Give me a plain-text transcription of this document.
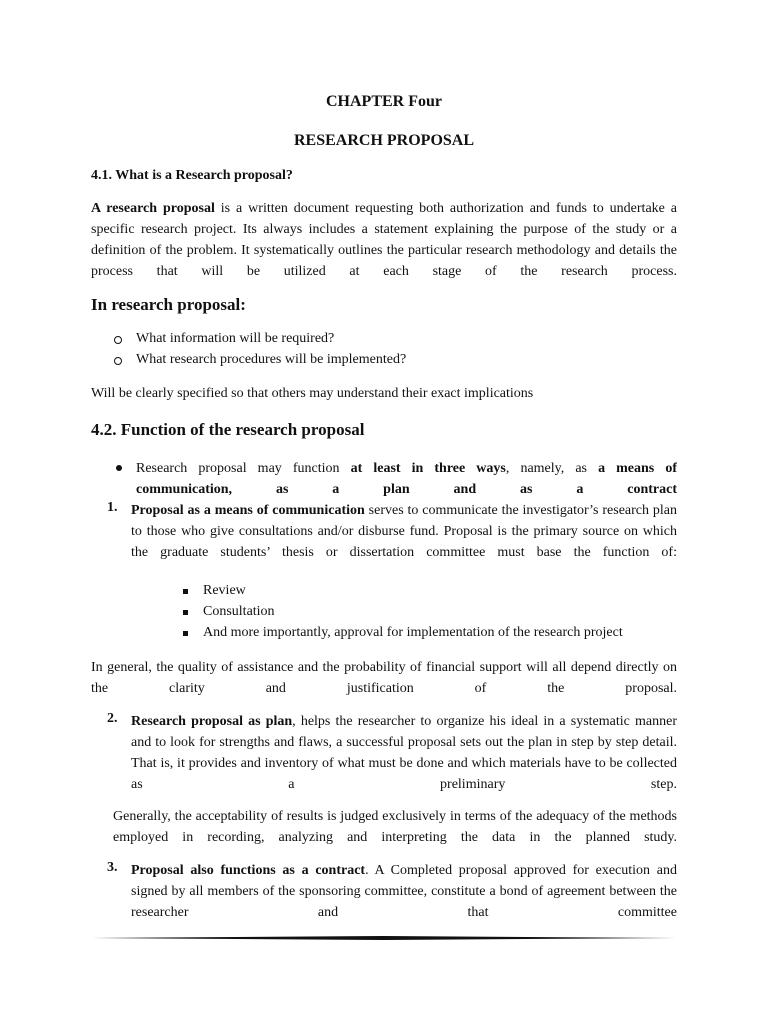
CHAPTER Four
RESEARCH PROPOSAL
4.1. What is a Research proposal?
A research proposal is a written document requesting both authorization and funds to undertake a specific research project. Its always includes a statement explaining the purpose of the study or a definition of the problem. It systematically outlines the particular research methodology and details the process that will be utilized at each stage of the research process.
In research proposal:
What information will be required?
What research procedures will be implemented?
Will be clearly specified so that others may understand their exact implications
4.2. Function of the research proposal
Research proposal may function at least in three ways, namely, as a means of communication, as a plan and as a contract
1. Proposal as a means of communication serves to communicate the investigator’s research plan to those who give consultations and/or disburse fund. Proposal is the primary source on which the graduate students’ thesis or dissertation committee must base the function of:
Review
Consultation
And more importantly, approval for implementation of the research project
In general, the quality of assistance and the probability of financial support will all depend directly on the clarity and justification of the proposal.
2. Research proposal as plan, helps the researcher to organize his ideal in a systematic manner and to look for strengths and flaws, a successful proposal sets out the plan in step by step detail. That is, it provides and inventory of what must be done and which materials have to be collected as a preliminary step.
Generally, the acceptability of results is judged exclusively in terms of the adequacy of the methods employed in recording, analyzing and interpreting the data in the planned study.
3. Proposal also functions as a contract. A Completed proposal approved for execution and signed by all members of the sponsoring committee, constitute a bond of agreement between the researcher and that committee
